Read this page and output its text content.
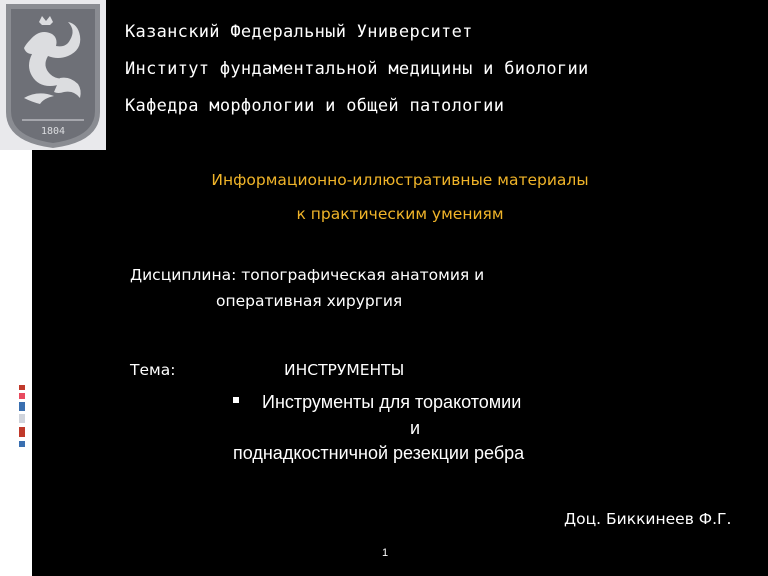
1804
Казанский Федеральный Университет
Институт фундаментальной медицины и биологии
Кафедра морфологии и общей патологии
Информационно-иллюстративные материалы
к практическим умениям
Дисциплина: топографическая анатомия и
оперативная хирургия
Тема:	ИНСТРУМЕНТЫ
Инструменты для торакотомии
и
поднадкостничной резекции ребра
Доц. Биккинеев Ф.Г.
1
